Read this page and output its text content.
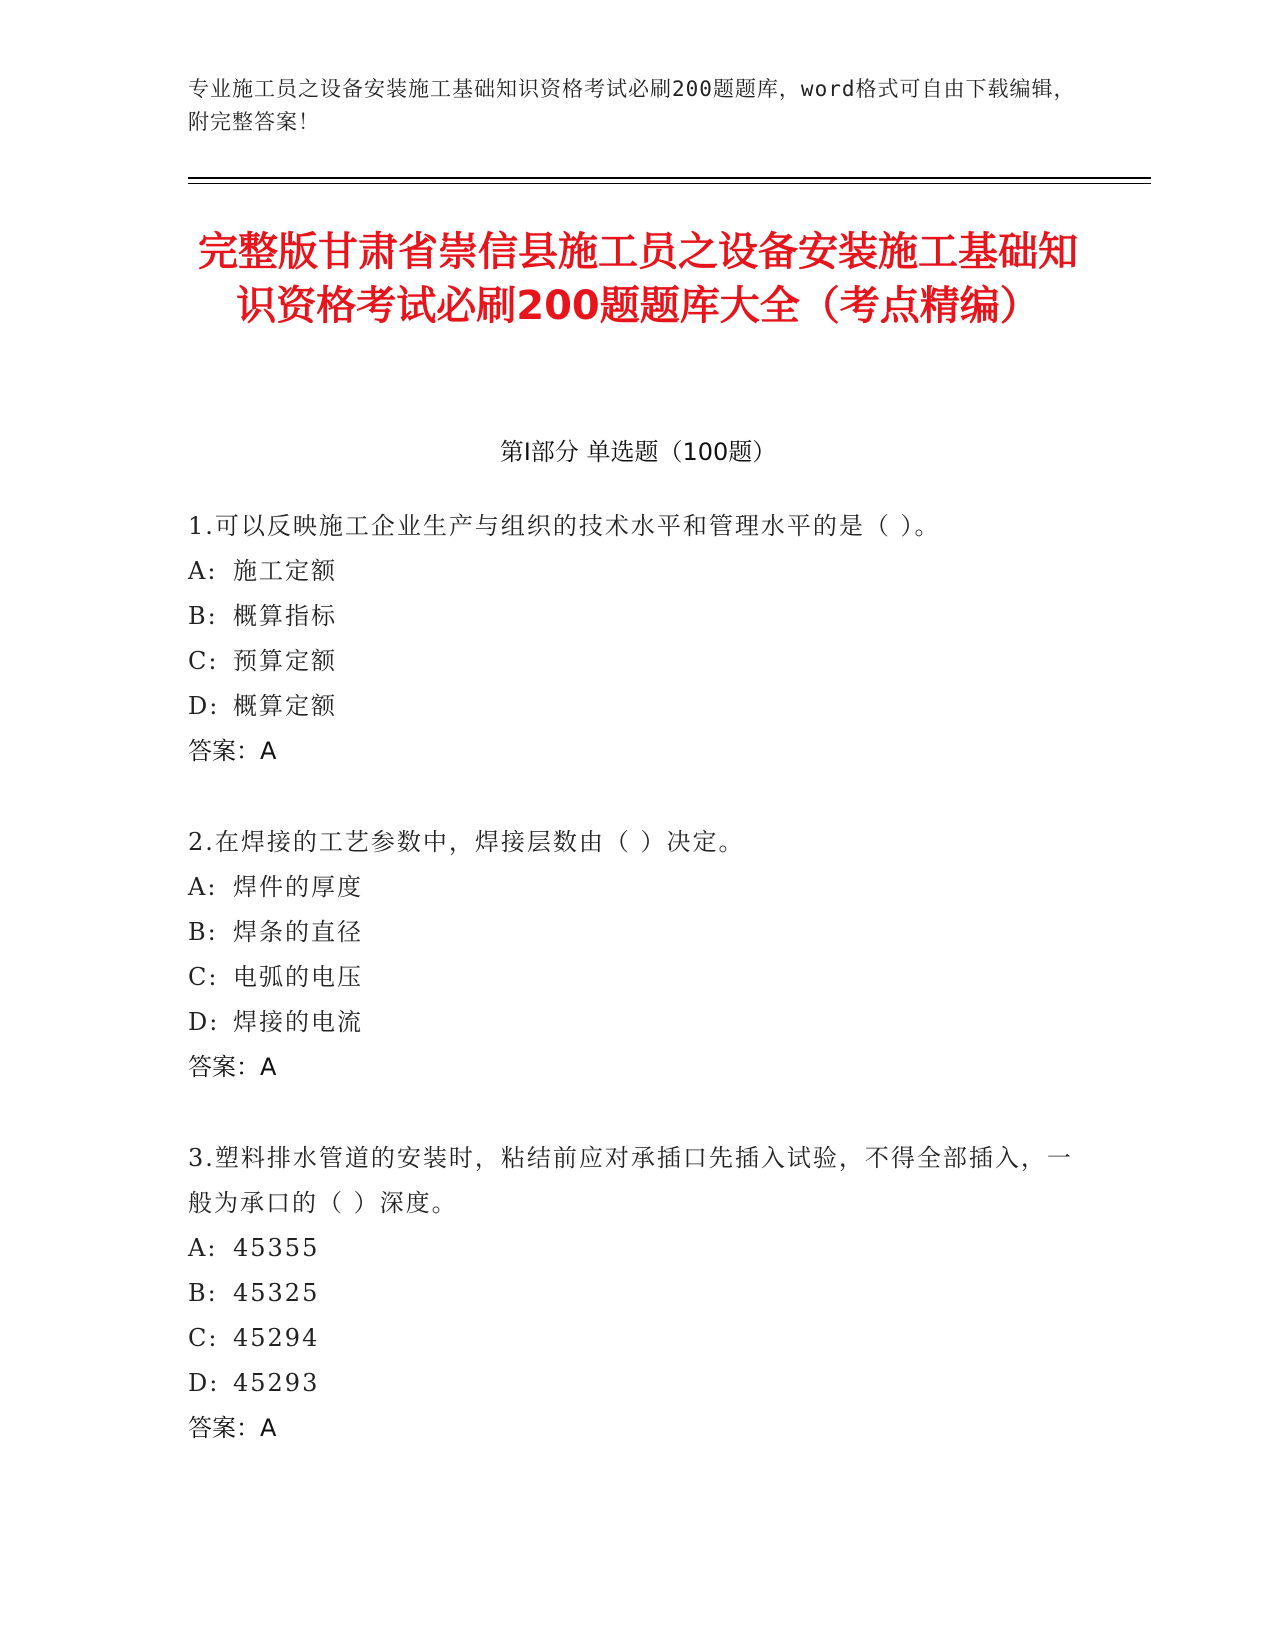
专业施工员之设备安装施工基础知识资格考试必刷200题题库，word格式可自由下载编辑，附完整答案！
完整版甘肃省崇信县施工员之设备安装施工基础知识资格考试必刷200题题库大全（考点精编）
第Ⅰ部分 单选题（100题）

1.可以反映施工企业生产与组织的技术水平和管理水平的是（ ）。

A: 施工定额

B: 概算指标

C: 预算定额

D: 概算定额

答案：A

2.在焊接的工艺参数中，焊接层数由（ ）决定。

A: 焊件的厚度

B: 焊条的直径

C: 电弧的电压

D: 焊接的电流

答案：A

3.塑料排水管道的安装时，粘结前应对承插口先插入试验，不得全部插入，一般为承口的（ ）深度。

A: 45355

B: 45325

C: 45294

D: 45293

答案：A
